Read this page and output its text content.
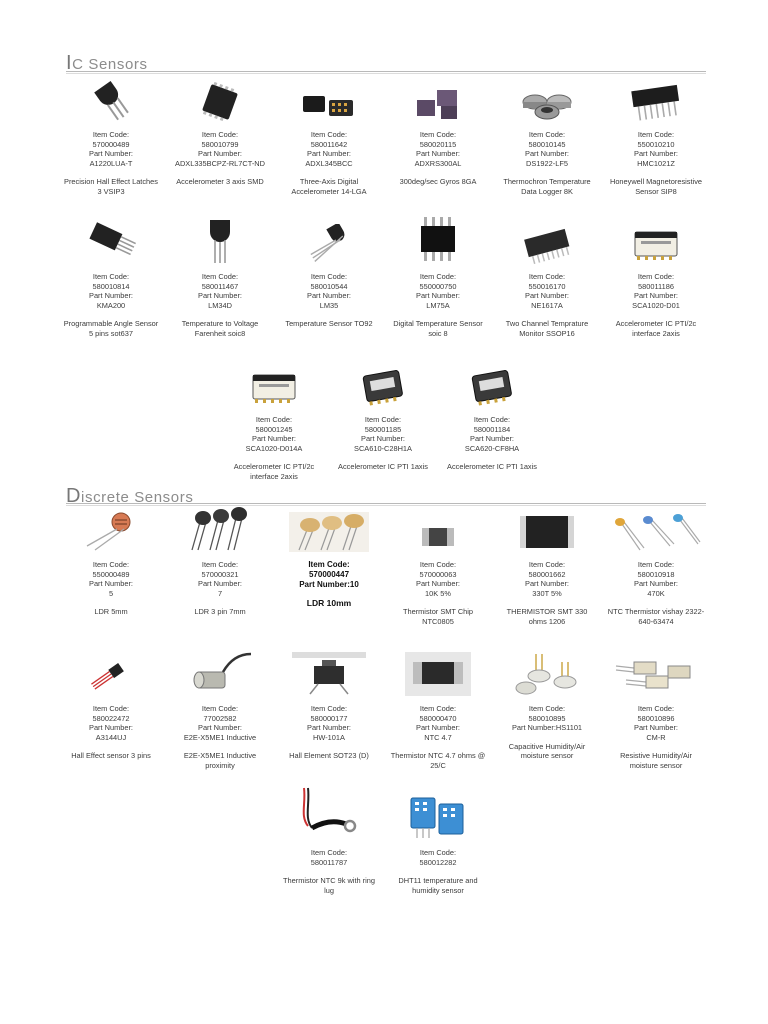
IC Sensors
Discrete Sensors
Item Code:
570000489
Part Number:
A1220LUA-T
Precision Hall Effect Latches 3 VSIP3
Item Code:
580010799
Part Number:
ADXL335BCPZ-RL7CT-ND
Accelerometer 3 axis SMD
Item Code:
580011642
Part Number:
ADXL345BCC
Three-Axis Digital Accelerometer 14-LGA
Item Code:
580020115
Part Number:
ADXRS300AL
300deg/sec Gyros 8GA
Item Code:
580010145
Part Number:
DS1922-LF5
Thermochron Temperature Data Logger 8K
Item Code:
550010210
Part Number:
HMC1021Z
Honeywell Magnetoresistive Sensor SIP8
Item Code:
580010814
Part Number:
KMA200
Programmable Angle Sensor 5 pins sot637
Item Code:
580011467
Part Number:
LM34D
Temperature to Voltage Farenheit soic8
Item Code:
580010544
Part Number:
LM35
Temperature Sensor TO92
Item Code:
550000750
Part Number:
LM75A
Digital Temperature Sensor soic 8
Item Code:
550016170
Part Number:
NE1617A
Two Channel Temprature Monitor SSOP16
Item Code:
580011186
Part Number:
SCA1020-D01
Accelerometer IC PTI/2c interface 2axis
Item Code:
580001245
Part Number:
SCA1020-D014A
Accelerometer IC PTI/2c interface 2axis
Item Code:
580001185
Part Number:
SCA610-C28H1A
Accelerometer IC PTI 1axis
Item Code:
580001184
Part Number:
SCA620-CF8HA
Accelerometer IC PTI 1axis
Item Code:
550000489
Part Number:
5
LDR 5mm
Item Code:
570000321
Part Number:
7
LDR 3 pin 7mm
Item Code:
570000447
Part Number:10
LDR 10mm
Item Code:
570000063
Part Number:
10K 5%
Thermistor SMT Chip NTC0805
Item Code:
580001662
Part Number:
330T 5%
THERMISTOR SMT 330 ohms 1206
Item Code:
580010918
Part Number:
470K
NTC Thermistor vishay 2322-640-63474
Item Code:
580022472
Part Number:
A3144UJ
Hall Effect sensor 3 pins
Item Code:
77002582
Part Number:
E2E-X5ME1 Inductive
E2E-X5ME1 Inductive proximity
Item Code:
580000177
Part Number:
HW-101A
Hall Element SOT23 (D)
Item Code:
580000470
Part Number:
NTC 4.7
Thermistor NTC 4.7 ohms @ 25/C
Item Code:
580010895
Part Number:HS1101
Capacitive Humidity/Air moisture sensor
Item Code:
580010896
Part Number:
CM-R
Resistive Humidity/Air moisture sensor
Item Code:
580011787
Thermistor NTC 9k with ring lug
Item Code:
580012282
DHT11 temperature and humidity sensor
